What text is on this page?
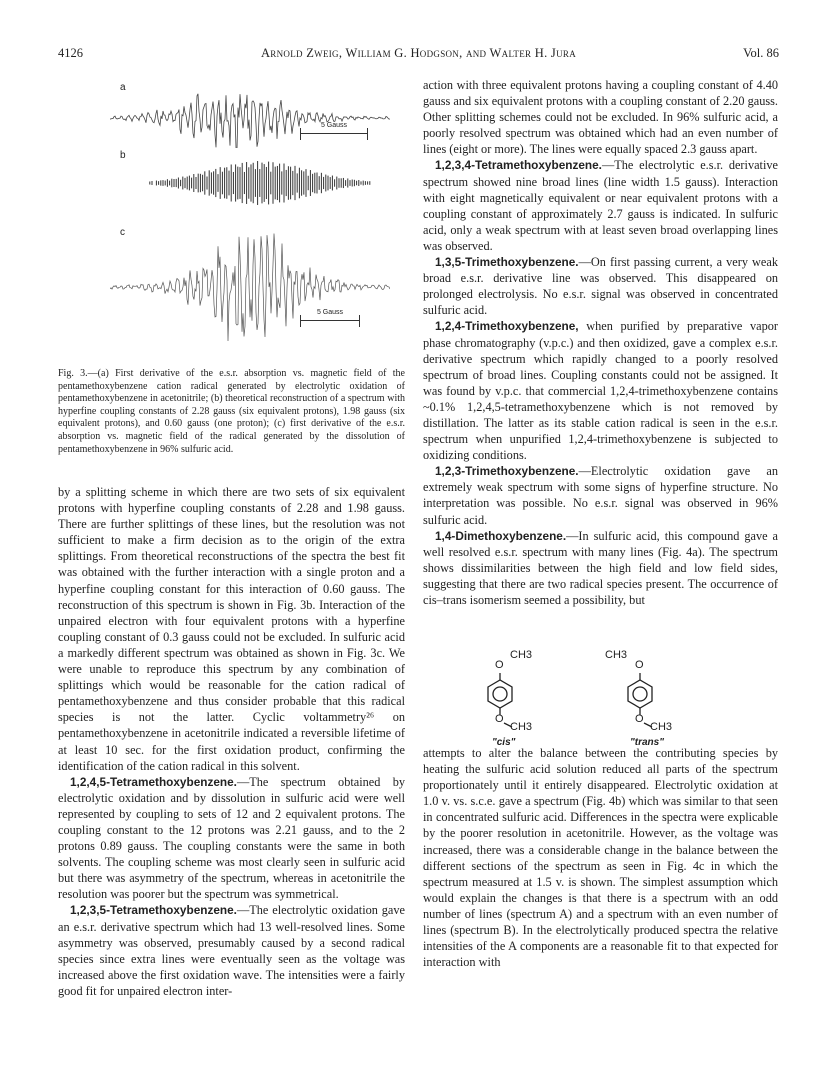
4126	Arnold Zweig, William G. Hodgson, and Walter H. Jura	Vol. 86
a
b
c
5 Gauss
5 Gauss
Fig. 3.—(a) First derivative of the e.s.r. absorption vs. magnetic field of the pentamethoxybenzene cation radical generated by electrolytic oxidation of pentamethoxybenzene in acetonitrile; (b) theoretical reconstruction of a spectrum with hyperfine coupling constants of 2.28 gauss (six equivalent protons), 1.98 gauss (six equivalent protons), and 0.60 gauss (one proton); (c) first derivative of the e.s.r. absorption vs. magnetic field of the radical generated by the dissolution of pentamethoxybenzene in 96% sulfuric acid.

by a splitting scheme in which there are two sets of six equivalent protons with hyperfine coupling constants of 2.28 and 1.98 gauss. There are further splittings of these lines, but the resolution was not sufficient to make a firm decision as to the origin of the extra splittings. From theoretical reconstructions of the spectra the best fit was obtained with the further interaction with a single proton and a hyperfine coupling constant for this interaction of 0.60 gauss. The reconstruction of this spectrum is shown in Fig. 3b. Interaction of the unpaired electron with four equivalent protons with a hyperfine coupling constant of 0.3 gauss could not be excluded. In sulfuric acid a markedly different spectrum was obtained as shown in Fig. 3c. We were unable to reproduce this spectrum by any combination of splittings which would be reasonable for the cation radical of pentamethoxybenzene and thus consider probable that this radical species is not the latter. Cyclic voltammetry²⁶ on pentamethoxybenzene in acetonitrile indicated a reversible lifetime of at least 10 sec. for the first oxidation product, confirming the identification of the cation radical in this solvent.

1,2,4,5-Tetramethoxybenzene.—The spectrum obtained by electrolytic oxidation and by dissolution in sulfuric acid were well represented by coupling to sets of 12 and 2 equivalent protons. The coupling constant to the 12 protons was 2.21 gauss, and to the 2 protons 0.89 gauss. The coupling constants were the same in both solvents. The coupling scheme was most clearly seen in sulfuric acid but there was asymmetry of the spectrum, whereas in acetonitrile the resolution was poorer but the spectrum was symmetrical.

1,2,3,5-Tetramethoxybenzene.—The electrolytic oxidation gave an e.s.r. derivative spectrum which had 13 well-resolved lines. Some asymmetry was observed, presumably caused by a second radical species since extra lines were eventually seen as the voltage was increased above the first oxidation wave. The intensities were a fairly good fit for unpaired electron inter-

action with three equivalent protons having a coupling constant of 4.40 gauss and six equivalent protons with a coupling constant of 2.20 gauss. Other splitting schemes could not be excluded. In 96% sulfuric acid, a poorly resolved spectrum was obtained which had an even number of lines (eight or more). The lines were equally spaced 2.3 gauss apart.

1,2,3,4-Tetramethoxybenzene.—The electrolytic e.s.r. derivative spectrum showed nine broad lines (line width 1.5 gauss). Interaction with eight magnetically equivalent or near equivalent protons with a coupling constant of approximately 2.7 gauss is indicated. In sulfuric acid, only a weak spectrum with at least seven broad overlapping lines was observed.

1,3,5-Trimethoxybenzene.—On first passing current, a very weak broad e.s.r. derivative line was observed. This disappeared on prolonged electrolysis. No e.s.r. signal was observed in concentrated sulfuric acid.

1,2,4-Trimethoxybenzene, when purified by preparative vapor phase chromatography (v.p.c.) and then oxidized, gave a complex e.s.r. derivative spectrum which rapidly changed to a poorly resolved spectrum of broad lines. Coupling constants could not be assigned. It was found by v.p.c. that commercial 1,2,4-trimethoxybenzene contains ~0.1% 1,2,4,5-tetramethoxybenzene which is not removed by distillation. The latter as its stable cation radical is seen in the e.s.r. spectrum when unpurified 1,2,4-trimethoxybenzene is subjected to oxidizing conditions.

1,2,3-Trimethoxybenzene.—Electrolytic oxidation gave an extremely weak spectrum with some signs of hyperfine structure. No interpretation was possible. No e.s.r. signal was observed in 96% sulfuric acid.

1,4-Dimethoxybenzene.—In sulfuric acid, this compound gave a well resolved e.s.r. spectrum with many lines (Fig. 4a). The spectrum shows dissimilarities between the high field and low field sides, suggesting that there are two radical species present. The occurrence of cis–trans isomerism seemed a possibility, but

O
CH3
O
CH3
"cis"
O
CH3
O
CH3
"trans"

attempts to alter the balance between the contributing species by heating the sulfuric acid solution reduced all parts of the spectrum proportionately until it entirely disappeared. Electrolytic oxidation at 1.0 v. vs. s.c.e. gave a spectrum (Fig. 4b) which was similar to that seen in concentrated sulfuric acid. Differences in the spectra were explicable by the poorer resolution in acetonitrile. However, as the voltage was increased, there was a considerable change in the balance between the different sections of the spectrum as seen in Fig. 4c in which the spectrum measured at 1.5 v. is shown. The simplest assumption which would explain the changes is that there is a spectrum with an odd number of lines (spectrum A) and a spectrum with an even number of lines (spectrum B). In the electrolytically produced spectra the relative intensities of the A components are a reasonable fit to that expected for interaction with
